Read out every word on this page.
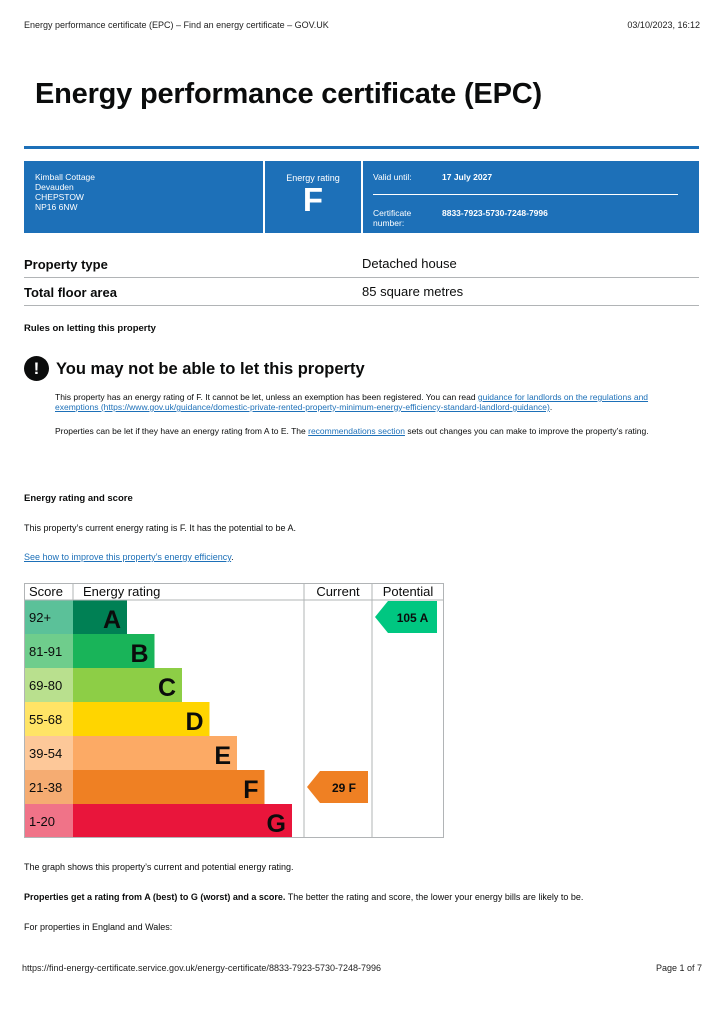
Energy performance certificate (EPC) – Find an energy certificate – GOV.UK	03/10/2023, 16:12
Energy performance certificate (EPC)
Kimball Cottage
Devauden
CHEPSTOW
NP16 6NW
Energy rating
F
Valid until:	17 July 2027
Certificate
number:
8833-7923-5730-7248-7996
Property type	Detached house
Total floor area	85 square metres
Rules on letting this property
!	You may not be able to let this property

This property has an energy rating of F. It cannot be let, unless an exemption has been registered. You can read guidance for landlords on the regulations and exemptions (https://www.gov.uk/guidance/domestic-private-rented-property-minimum-energy-efficiency-standard-landlord-guidance).

Properties can be let if they have an energy rating from A to E. The recommendations section sets out changes you can make to improve the property’s rating.

Energy rating and score
This property’s current energy rating is F. It has the potential to be A.
See how to improve this property’s energy efficiency.
92+ A
81-91	B
69-80	C
55-68	D
39-54	E
21-38	F
1-20	G
Score Energy rating	Current Potential
29 F
105 A
The graph shows this property’s current and potential energy rating.
Properties get a rating from A (best) to G (worst) and a score. The better the rating and score, the lower your energy bills are likely to be.
For properties in England and Wales:
https://find-energy-certificate.service.gov.uk/energy-certificate/8833-7923-5730-7248-7996	Page 1 of 7
